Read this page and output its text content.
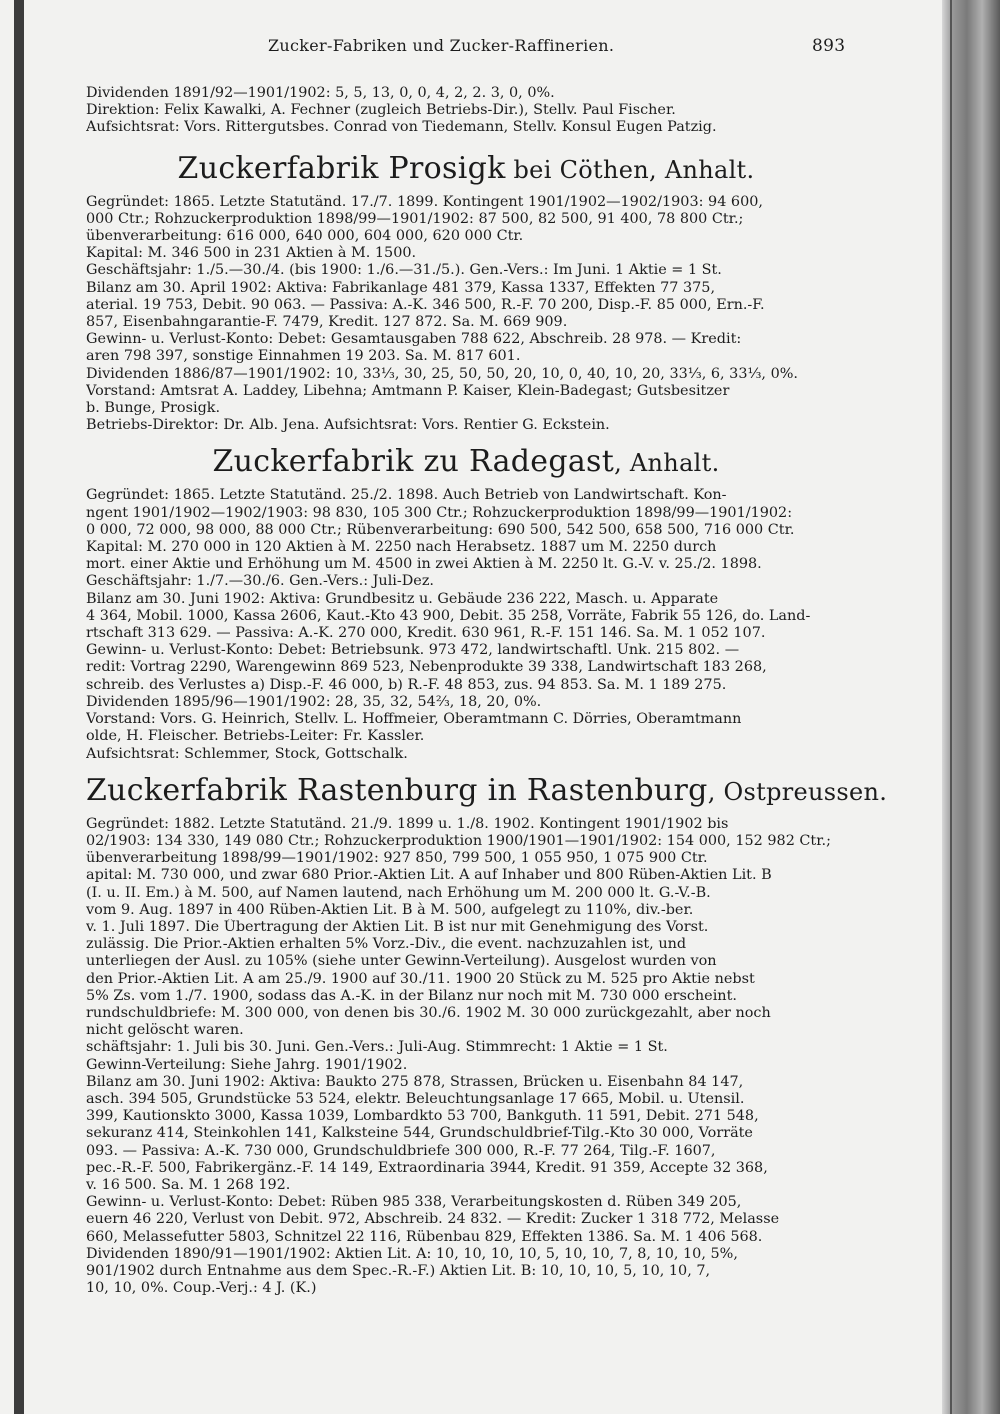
Zucker-Fabriken und Zucker-Raffinerien.	893
Dividenden 1891/92—1901/1902: 5, 5, 13, 0, 0, 4, 2, 2. 3, 0, 0%.
Direktion: Felix Kawalki, A. Fechner (zugleich Betriebs-Dir.), Stellv. Paul Fischer.
Aufsichtsrat: Vors. Rittergutsbes. Conrad von Tiedemann, Stellv. Konsul Eugen Patzig.
Zuckerfabrik Prosigk bei Cöthen, Anhalt.
Gegründet: 1865. Letzte Statutänd. 17./7. 1899. Kontingent 1901/1902—1902/1903: 94 600,
000 Ctr.; Rohzuckerproduktion 1898/99—1901/1902: 87 500, 82 500, 91 400, 78 800 Ctr.;
übenverarbeitung: 616 000, 640 000, 604 000, 620 000 Ctr.
Kapital: M. 346 500 in 231 Aktien à M. 1500.
Geschäftsjahr: 1./5.—30./4. (bis 1900: 1./6.—31./5.). Gen.-Vers.: Im Juni. 1 Aktie = 1 St.
Bilanz am 30. April 1902: Aktiva: Fabrikanlage 481 379, Kassa 1337, Effekten 77 375,
aterial. 19 753, Debit. 90 063. — Passiva: A.-K. 346 500, R.-F. 70 200, Disp.-F. 85 000, Ern.-F.
857, Eisenbahngarantie-F. 7479, Kredit. 127 872. Sa. M. 669 909.
Gewinn- u. Verlust-Konto: Debet: Gesamtausgaben 788 622, Abschreib. 28 978. — Kredit:
aren 798 397, sonstige Einnahmen 19 203. Sa. M. 817 601.
Dividenden 1886/87—1901/1902: 10, 33⅓, 30, 25, 50, 50, 20, 10, 0, 40, 10, 20, 33⅓, 6, 33⅓, 0%.
Vorstand: Amtsrat A. Laddey, Libehna; Amtmann P. Kaiser, Klein-Badegast; Gutsbesitzer
b. Bunge, Prosigk.
Betriebs-Direktor: Dr. Alb. Jena. Aufsichtsrat: Vors. Rentier G. Eckstein.
Zuckerfabrik zu Radegast, Anhalt.
Gegründet: 1865. Letzte Statutänd. 25./2. 1898. Auch Betrieb von Landwirtschaft. Kon-
ngent 1901/1902—1902/1903: 98 830, 105 300 Ctr.; Rohzuckerproduktion 1898/99—1901/1902:
0 000, 72 000, 98 000, 88 000 Ctr.; Rübenverarbeitung: 690 500, 542 500, 658 500, 716 000 Ctr.
Kapital: M. 270 000 in 120 Aktien à M. 2250 nach Herabsetz. 1887 um M. 2250 durch
mort. einer Aktie und Erhöhung um M. 4500 in zwei Aktien à M. 2250 lt. G.-V. v. 25./2. 1898.
Geschäftsjahr: 1./7.—30./6. Gen.-Vers.: Juli-Dez.
Bilanz am 30. Juni 1902: Aktiva: Grundbesitz u. Gebäude 236 222, Masch. u. Apparate
4 364, Mobil. 1000, Kassa 2606, Kaut.-Kto 43 900, Debit. 35 258, Vorräte, Fabrik 55 126, do. Land-
rtschaft 313 629. — Passiva: A.-K. 270 000, Kredit. 630 961, R.-F. 151 146. Sa. M. 1 052 107.
Gewinn- u. Verlust-Konto: Debet: Betriebsunk. 973 472, landwirtschaftl. Unk. 215 802. —
redit: Vortrag 2290, Warengewinn 869 523, Nebenprodukte 39 338, Landwirtschaft 183 268,
schreib. des Verlustes a) Disp.-F. 46 000, b) R.-F. 48 853, zus. 94 853. Sa. M. 1 189 275.
Dividenden 1895/96—1901/1902: 28, 35, 32, 54⅔, 18, 20, 0%.
Vorstand: Vors. G. Heinrich, Stellv. L. Hoffmeier, Oberamtmann C. Dörries, Oberamtmann
olde, H. Fleischer. Betriebs-Leiter: Fr. Kassler.
Aufsichtsrat: Schlemmer, Stock, Gottschalk.
Zuckerfabrik Rastenburg in Rastenburg, Ostpreussen.
Gegründet: 1882. Letzte Statutänd. 21./9. 1899 u. 1./8. 1902. Kontingent 1901/1902 bis
02/1903: 134 330, 149 080 Ctr.; Rohzuckerproduktion 1900/1901—1901/1902: 154 000, 152 982 Ctr.;
übenverarbeitung 1898/99—1901/1902: 927 850, 799 500, 1 055 950, 1 075 900 Ctr.
apital: M. 730 000, und zwar 680 Prior.-Aktien Lit. A auf Inhaber und 800 Rüben-Aktien Lit. B
(I. u. II. Em.) à M. 500, auf Namen lautend, nach Erhöhung um M. 200 000 lt. G.-V.-B.
vom 9. Aug. 1897 in 400 Rüben-Aktien Lit. B à M. 500, aufgelegt zu 110%, div.-ber.
v. 1. Juli 1897. Die Übertragung der Aktien Lit. B ist nur mit Genehmigung des Vorst.
zulässig. Die Prior.-Aktien erhalten 5% Vorz.-Div., die event. nachzuzahlen ist, und
unterliegen der Ausl. zu 105% (siehe unter Gewinn-Verteilung). Ausgelost wurden von
den Prior.-Aktien Lit. A am 25./9. 1900 auf 30./11. 1900 20 Stück zu M. 525 pro Aktie nebst
5% Zs. vom 1./7. 1900, sodass das A.-K. in der Bilanz nur noch mit M. 730 000 erscheint.
rundschuldbriefe: M. 300 000, von denen bis 30./6. 1902 M. 30 000 zurückgezahlt, aber noch
nicht gelöscht waren.
schäftsjahr: 1. Juli bis 30. Juni. Gen.-Vers.: Juli-Aug. Stimmrecht: 1 Aktie = 1 St.
Gewinn-Verteilung: Siehe Jahrg. 1901/1902.
Bilanz am 30. Juni 1902: Aktiva: Baukto 275 878, Strassen, Brücken u. Eisenbahn 84 147,
asch. 394 505, Grundstücke 53 524, elektr. Beleuchtungsanlage 17 665, Mobil. u. Utensil.
399, Kautionskto 3000, Kassa 1039, Lombardkto 53 700, Bankguth. 11 591, Debit. 271 548,
sekuranz 414, Steinkohlen 141, Kalksteine 544, Grundschuldbrief-Tilg.-Kto 30 000, Vorräte
093. — Passiva: A.-K. 730 000, Grundschuldbriefe 300 000, R.-F. 77 264, Tilg.-F. 1607,
pec.-R.-F. 500, Fabrikergänz.-F. 14 149, Extraordinaria 3944, Kredit. 91 359, Accepte 32 368,
v. 16 500. Sa. M. 1 268 192.
Gewinn- u. Verlust-Konto: Debet: Rüben 985 338, Verarbeitungskosten d. Rüben 349 205,
euern 46 220, Verlust von Debit. 972, Abschreib. 24 832. — Kredit: Zucker 1 318 772, Melasse
660, Melassefutter 5803, Schnitzel 22 116, Rübenbau 829, Effekten 1386. Sa. M. 1 406 568.
Dividenden 1890/91—1901/1902: Aktien Lit. A: 10, 10, 10, 10, 5, 10, 10, 7, 8, 10, 10, 5%,
901/1902 durch Entnahme aus dem Spec.-R.-F.) Aktien Lit. B: 10, 10, 10, 5, 10, 10, 7,
10, 10, 0%. Coup.-Verj.: 4 J. (K.)
